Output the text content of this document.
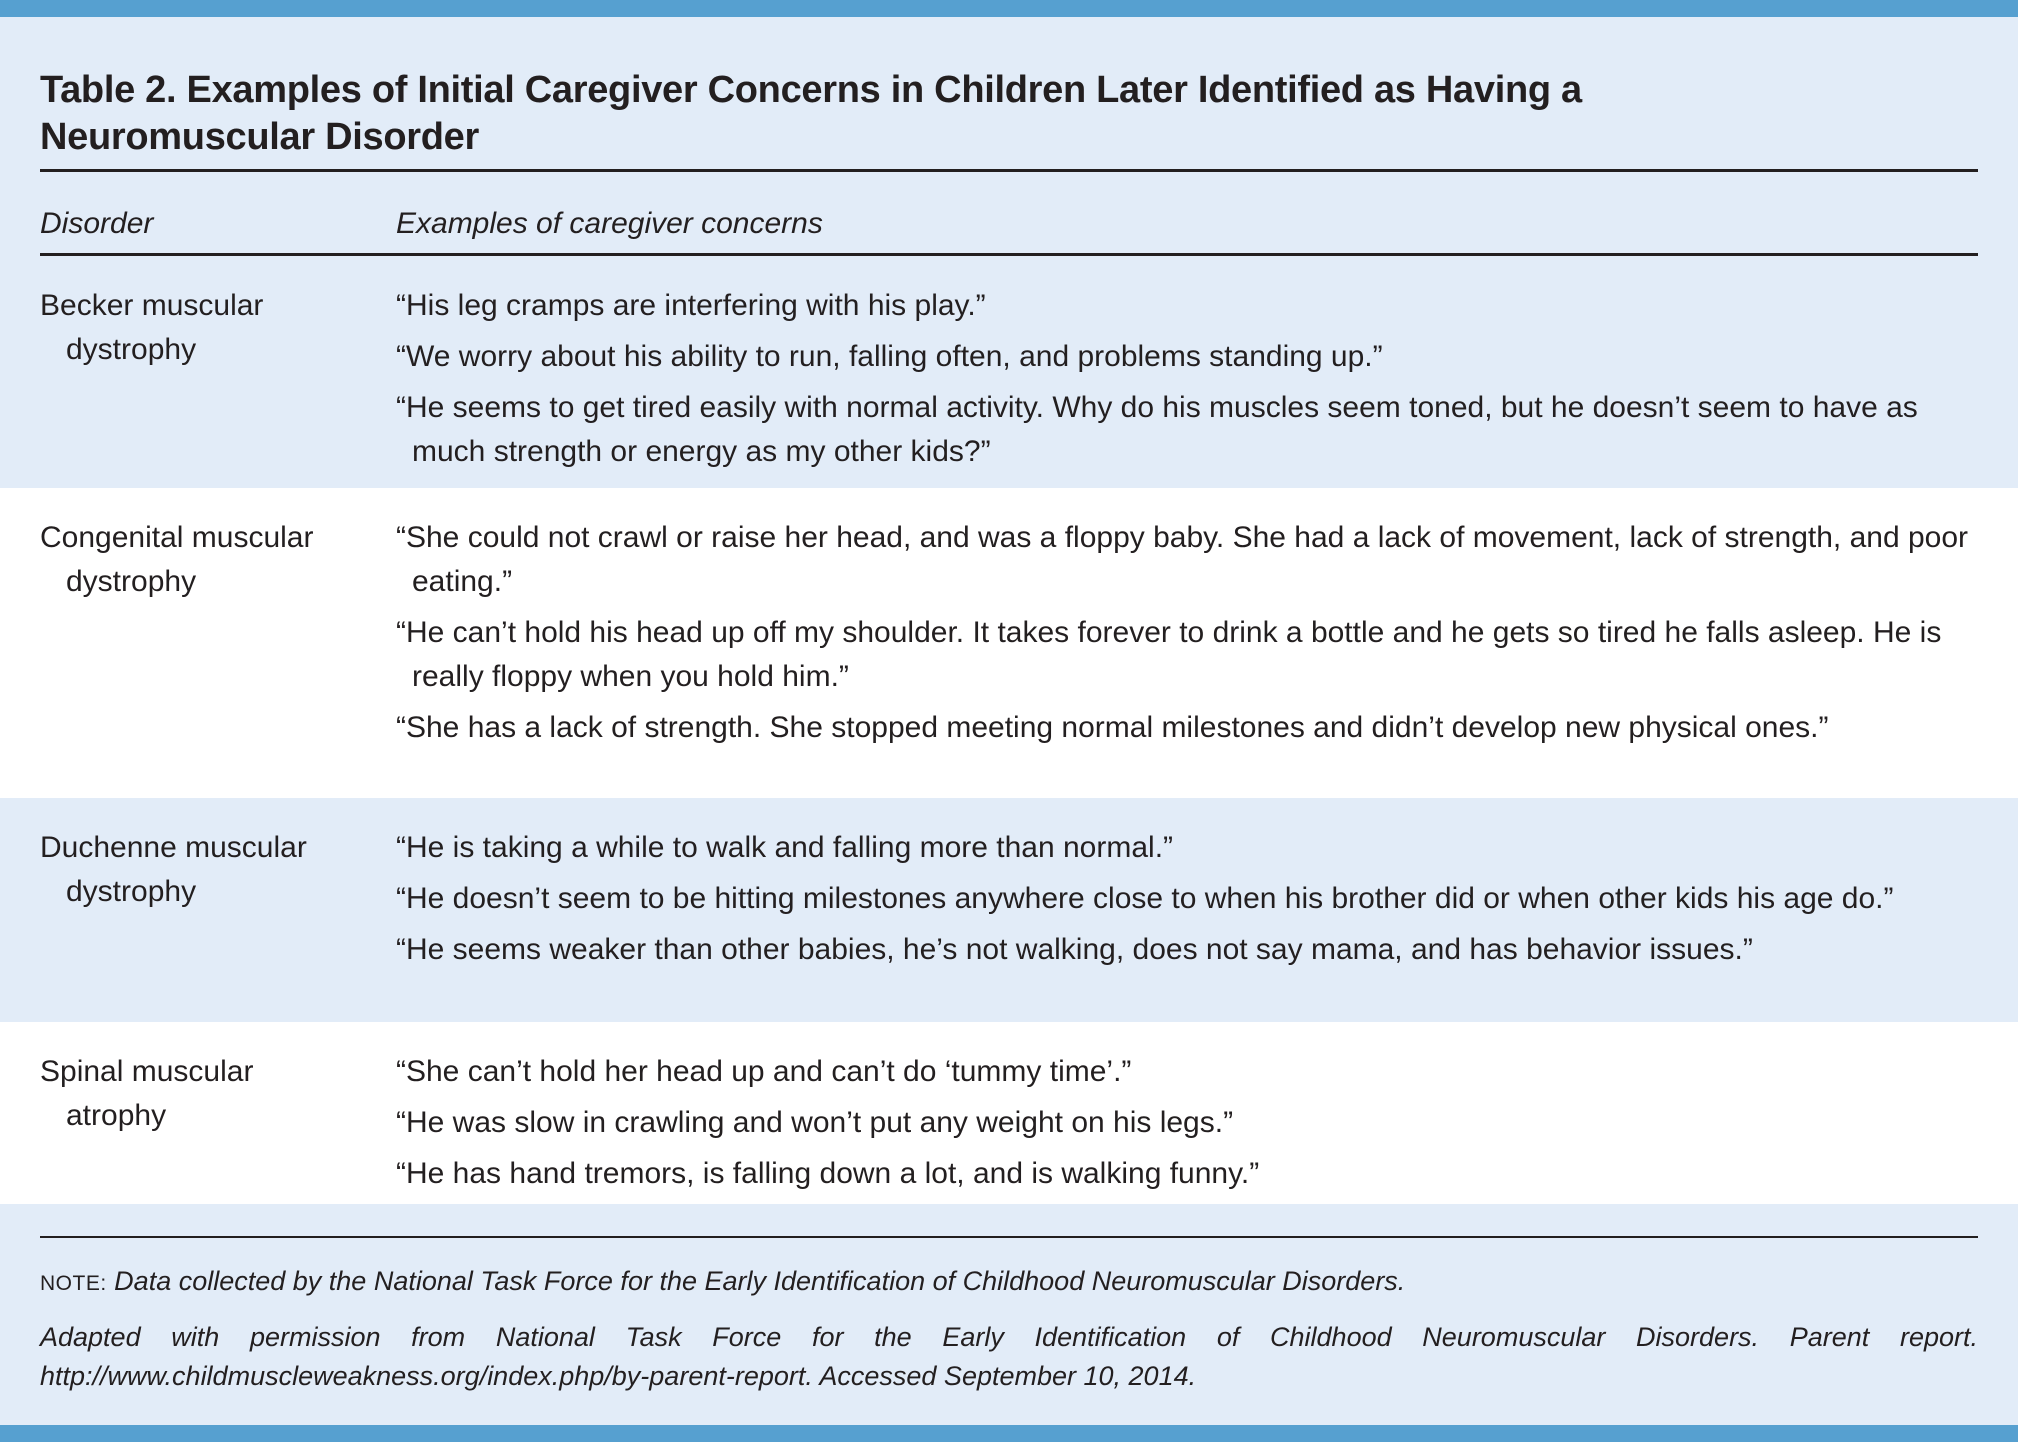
Table 2. Examples of Initial Caregiver Concerns in Children Later Identified as Having a Neuromuscular Disorder
Disorder	Examples of caregiver concerns
Becker muscular
dystrophy
“His leg cramps are interfering with his play.”
“We worry about his ability to run, falling often, and problems standing up.”
“He seems to get tired easily with normal activity. Why do his muscles seem toned, but he doesn’t seem to have as much strength or energy as my other kids?”
Congenital muscular
dystrophy
“She could not crawl or raise her head, and was a floppy baby. She had a lack of movement, lack of strength, and poor eating.”
“He can’t hold his head up off my shoulder. It takes forever to drink a bottle and he gets so tired he falls asleep. He is really floppy when you hold him.”
“She has a lack of strength. She stopped meeting normal milestones and didn’t develop new physical ones.”
Duchenne muscular
dystrophy
“He is taking a while to walk and falling more than normal.”
“He doesn’t seem to be hitting milestones anywhere close to when his brother did or when other kids his age do.”
“He seems weaker than other babies, he’s not walking, does not say mama, and has behavior issues.”
Spinal muscular
atrophy
“She can’t hold her head up and can’t do ‘tummy time’.”
“He was slow in crawling and won’t put any weight on his legs.”
“He has hand tremors, is falling down a lot, and is walking funny.”
NOTE: Data collected by the National Task Force for the Early Identification of Childhood Neuromuscular Disorders.
Adapted with permission from National Task Force for the Early Identification of Childhood Neuromuscular Disorders. Parent report. http://www.childmuscleweakness.org/index.php/by-parent-report. Accessed September 10, 2014.
